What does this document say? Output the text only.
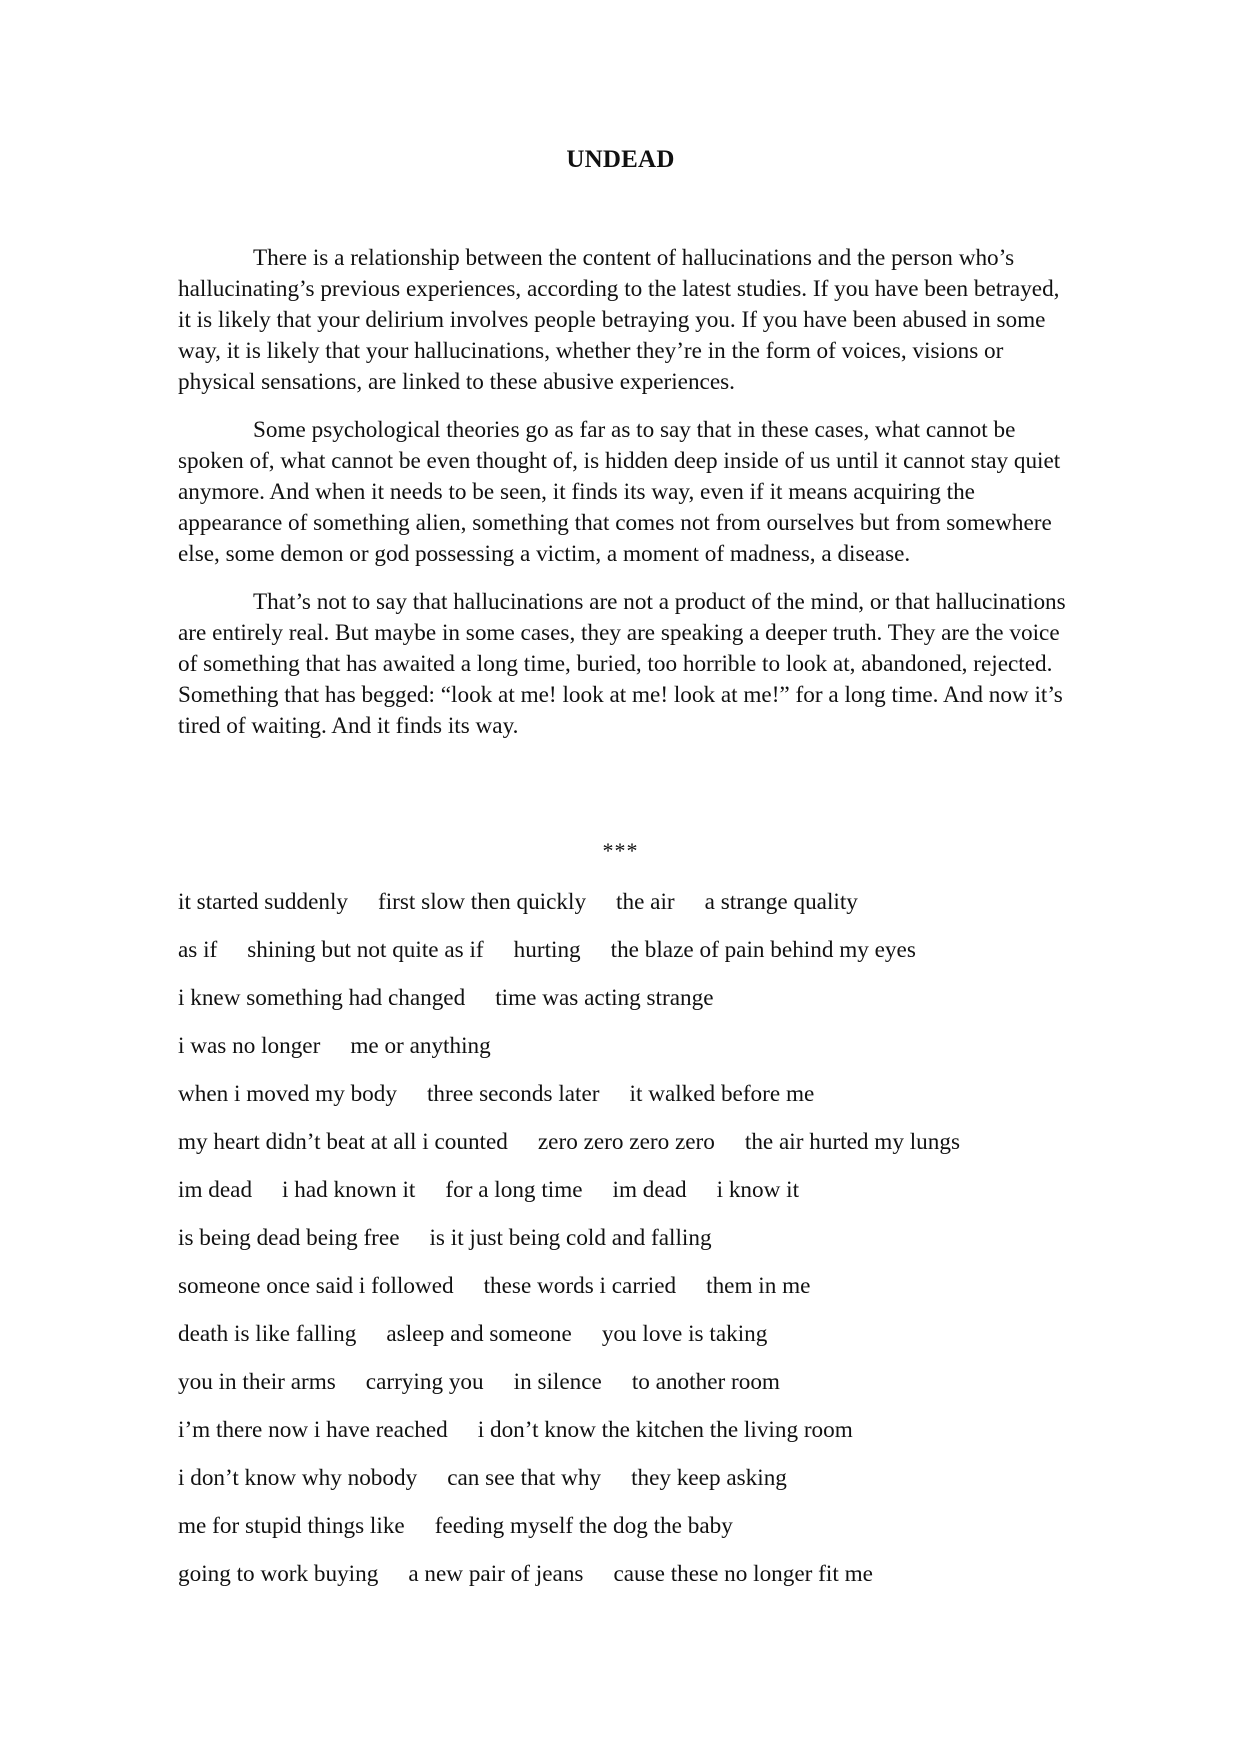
UNDEAD

There is a relationship between the content of hallucinations and the person who’s hallucinating’s previous experiences, according to the latest studies. If you have been betrayed, it is likely that your delirium involves people betraying you. If you have been abused in some way, it is likely that your hallucinations, whether they’re in the form of voices, visions or physical sensations, are linked to these abusive experiences.

Some psychological theories go as far as to say that in these cases, what cannot be spoken of, what cannot be even thought of, is hidden deep inside of us until it cannot stay quiet anymore. And when it needs to be seen, it finds its way, even if it means acquiring the appearance of something alien, something that comes not from ourselves but from somewhere else, some demon or god possessing a victim, a moment of madness, a disease.

That’s not to say that hallucinations are not a product of the mind, or that hallucinations are entirely real. But maybe in some cases, they are speaking a deeper truth. They are the voice of something that has awaited a long time, buried, too horrible to look at, abandoned, rejected. Something that has begged: “look at me! look at me! look at me!” for a long time. And now it’s tired of waiting. And it finds its way.

***
it started suddenly first slow then quickly the air a strange quality
as if shining but not quite as if hurting the blaze of pain behind my eyes
i knew something had changed time was acting strange
i was no longer me or anything
when i moved my body three seconds later it walked before me
my heart didn’t beat at all i counted zero zero zero zero the air hurted my lungs
im dead i had known it for a long time im dead i know it
is being dead being free is it just being cold and falling
someone once said i followed these words i carried them in me
death is like falling asleep and someone you love is taking
you in their arms carrying you in silence to another room
i’m there now i have reached i don’t know the kitchen the living room
i don’t know why nobody can see that why they keep asking
me for stupid things like feeding myself the dog the baby
going to work buying a new pair of jeans cause these no longer fit me
